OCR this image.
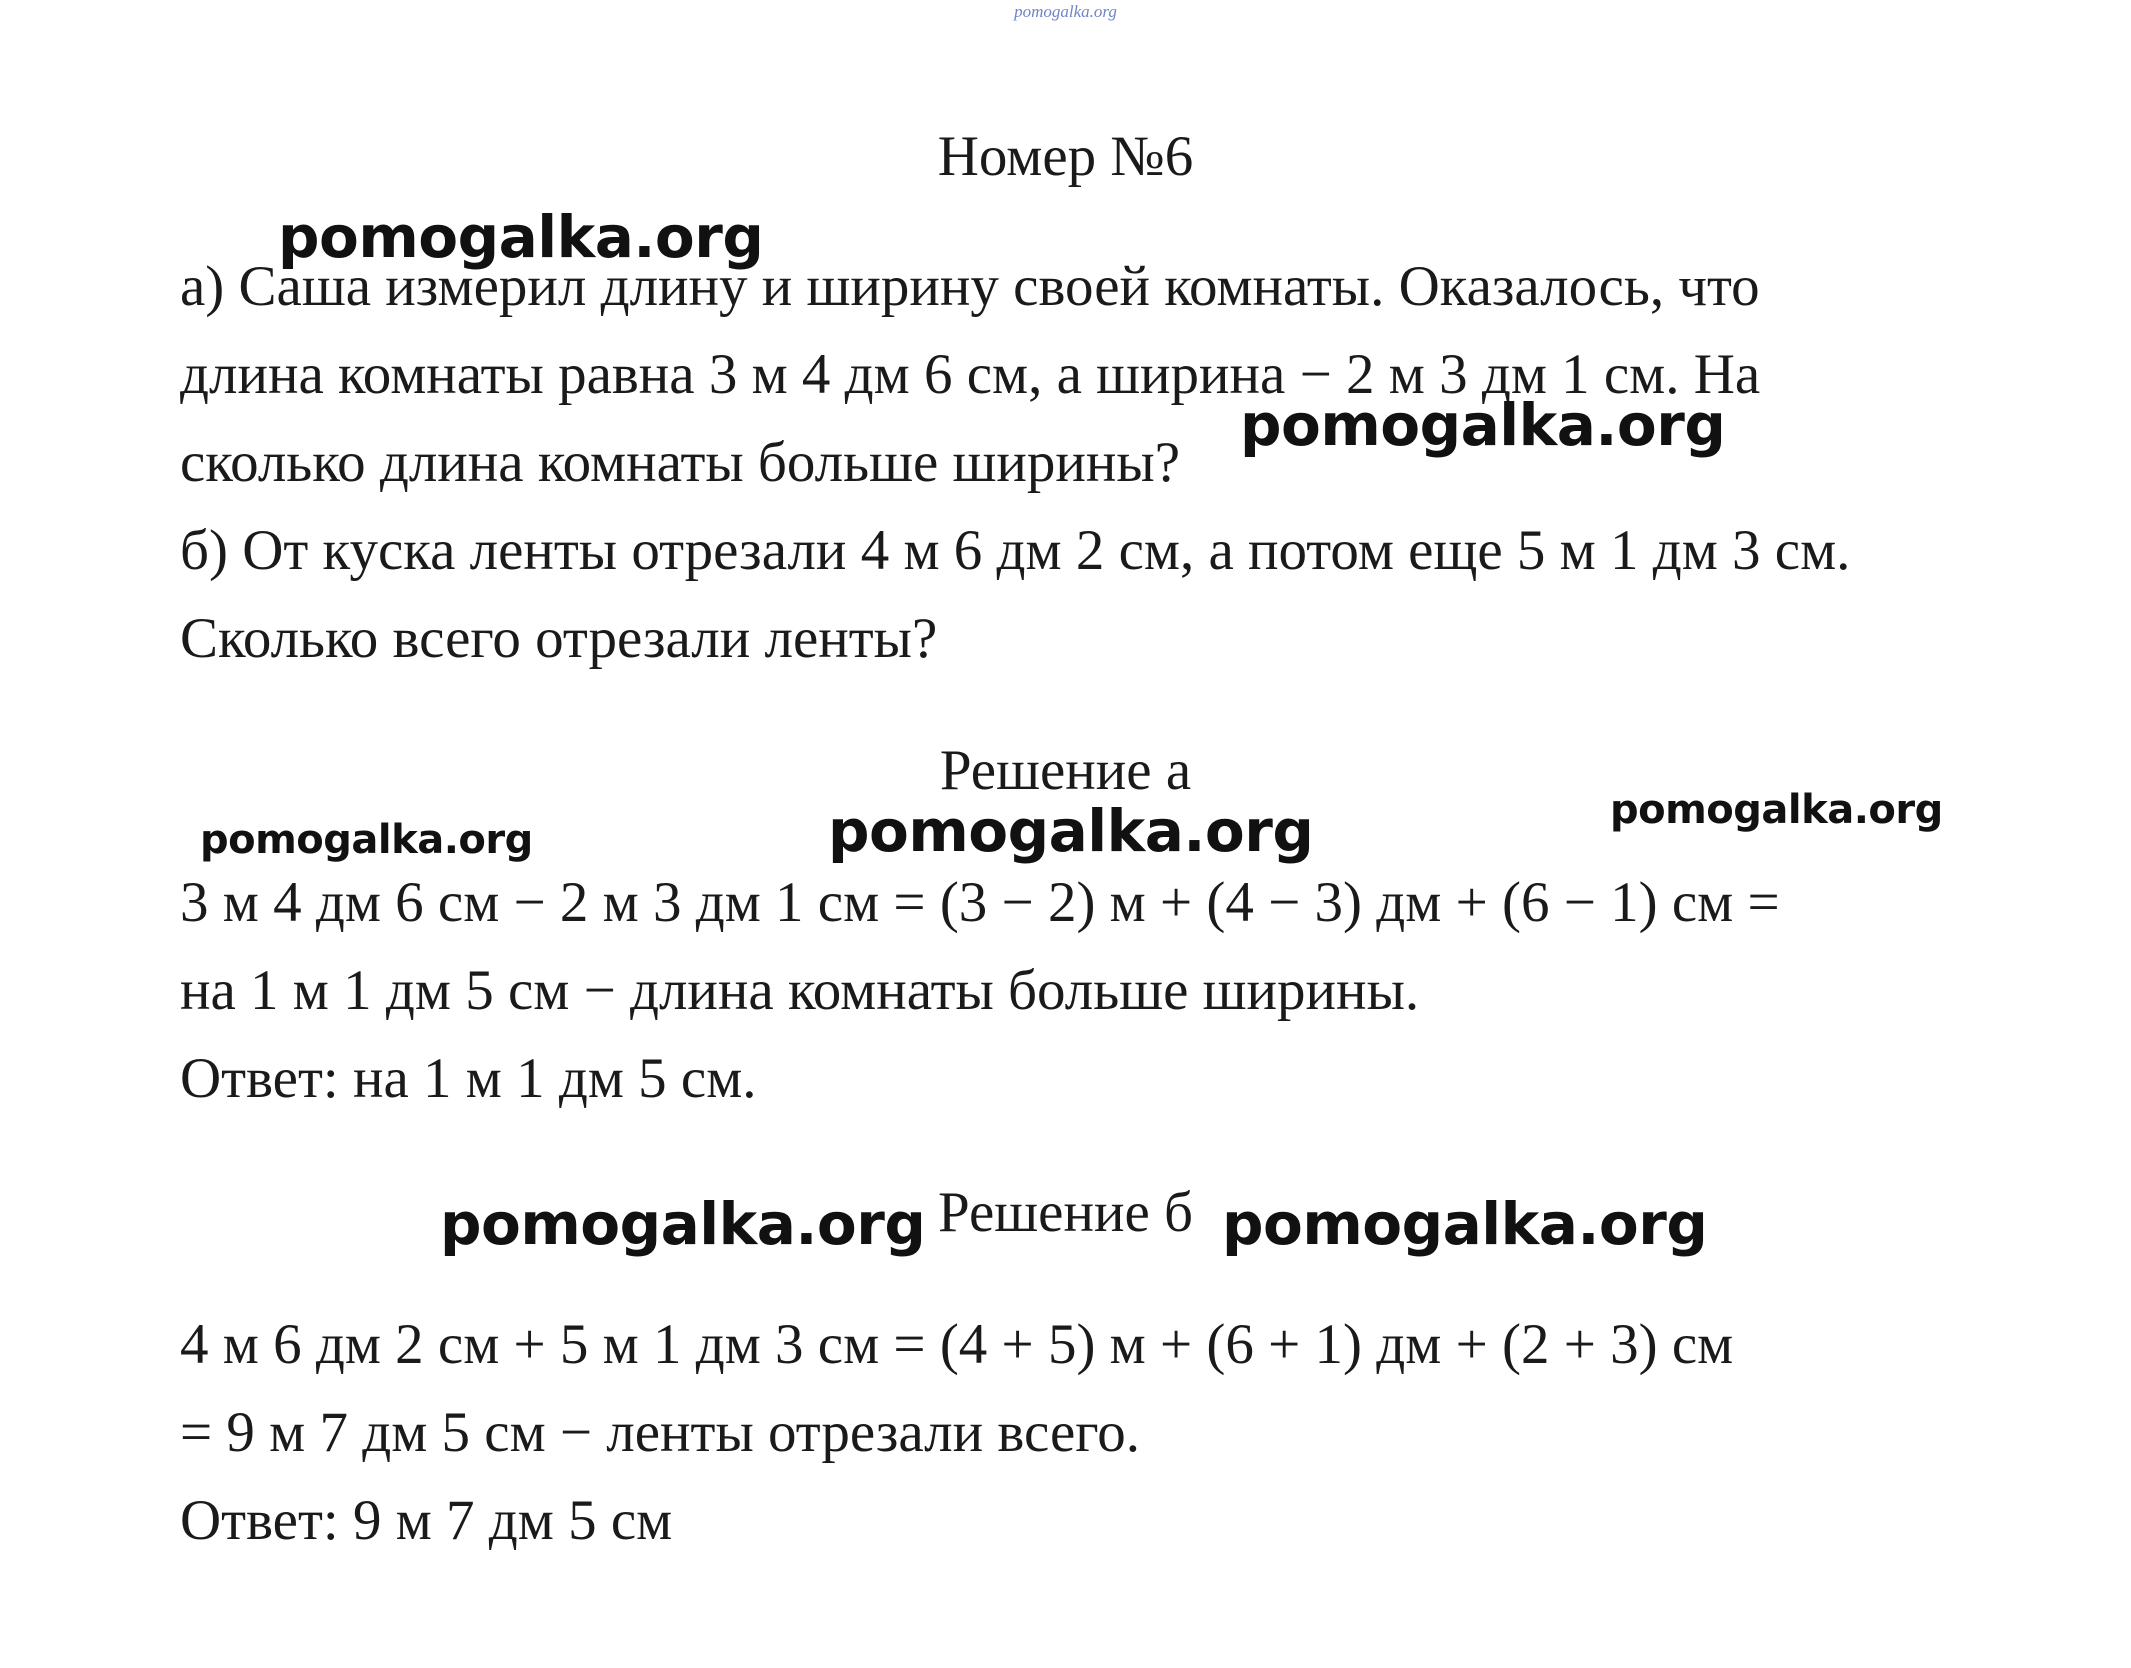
pomogalka.org
Номер №6
а) Саша измерил длину и ширину своей комнаты. Оказалось, что
длина комнаты равна 3 м 4 дм 6 см, а ширина − 2 м 3 дм 1 см. На
сколько длина комнаты больше ширины?
б) От куска ленты отрезали 4 м 6 дм 2 см, а потом еще 5 м 1 дм 3 см.
Сколько всего отрезали ленты?
Решение а
3 м 4 дм 6 см − 2 м 3 дм 1 см = (3 − 2) м + (4 − 3) дм + (6 − 1) см =
на 1 м 1 дм 5 см − длина комнаты больше ширины.
Ответ: на 1 м 1 дм 5 см.
Решение б
4 м 6 дм 2 см + 5 м 1 дм 3 см = (4 + 5) м + (6 + 1) дм + (2 + 3) см
= 9 м 7 дм 5 см − ленты отрезали всего.
Ответ: 9 м 7 дм 5 см
pomogalka.org
pomogalka.org
pomogalka.org	pomogalka.org	pomogalka.org
pomogalka.org	pomogalka.org
